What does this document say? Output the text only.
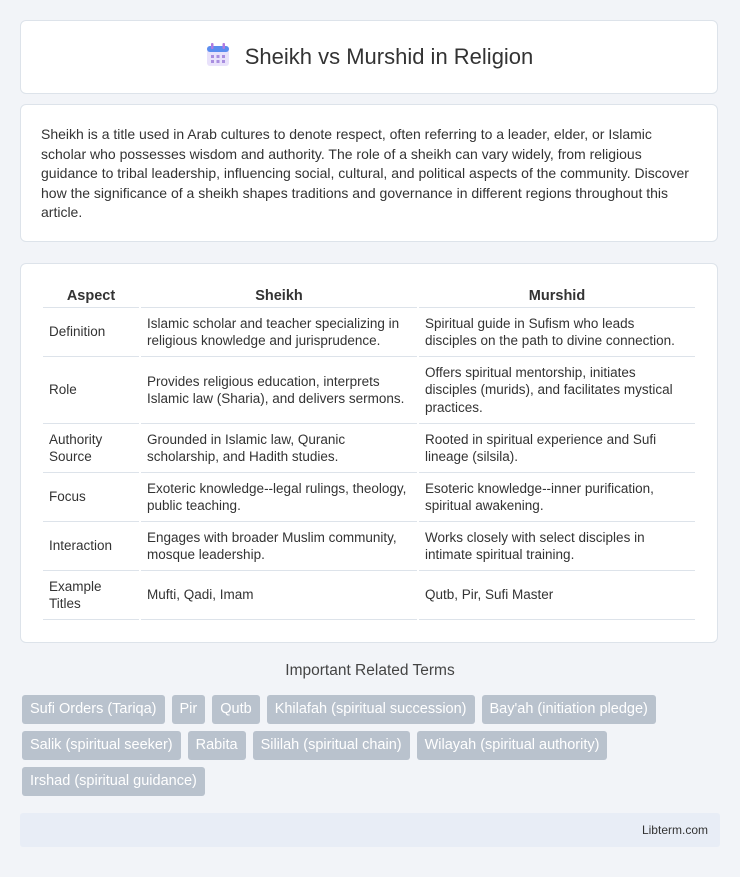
Sheikh vs Murshid in Religion
Sheikh is a title used in Arab cultures to denote respect, often referring to a leader, elder, or Islamic scholar who possesses wisdom and authority. The role of a sheikh can vary widely, from religious guidance to tribal leadership, influencing social, cultural, and political aspects of the community. Discover how the significance of a sheikh shapes traditions and governance in different regions throughout this article.
Aspect	Sheikh	Murshid
Definition	Islamic scholar and teacher specializing in religious knowledge and jurisprudence.	Spiritual guide in Sufism who leads disciples on the path to divine connection.
Role	Provides religious education, interprets Islamic law (Sharia), and delivers sermons.	Offers spiritual mentorship, initiates disciples (murids), and facilitates mystical practices.
Authority Source	Grounded in Islamic law, Quranic scholarship, and Hadith studies.	Rooted in spiritual experience and Sufi lineage (silsila).
Focus	Exoteric knowledge--legal rulings, theology, public teaching.	Esoteric knowledge--inner purification, spiritual awakening.
Interaction	Engages with broader Muslim community, mosque leadership.	Works closely with select disciples in intimate spiritual training.
Example Titles	Mufti, Qadi, Imam	Qutb, Pir, Sufi Master
Important Related Terms
Sufi Orders (Tariqa)	Pir	Qutb	Khilafah (spiritual succession)	Bay'ah (initiation pledge)
Salik (spiritual seeker)	Rabita	Sililah (spiritual chain)	Wilayah (spiritual authority)
Irshad (spiritual guidance)
Libterm.com
